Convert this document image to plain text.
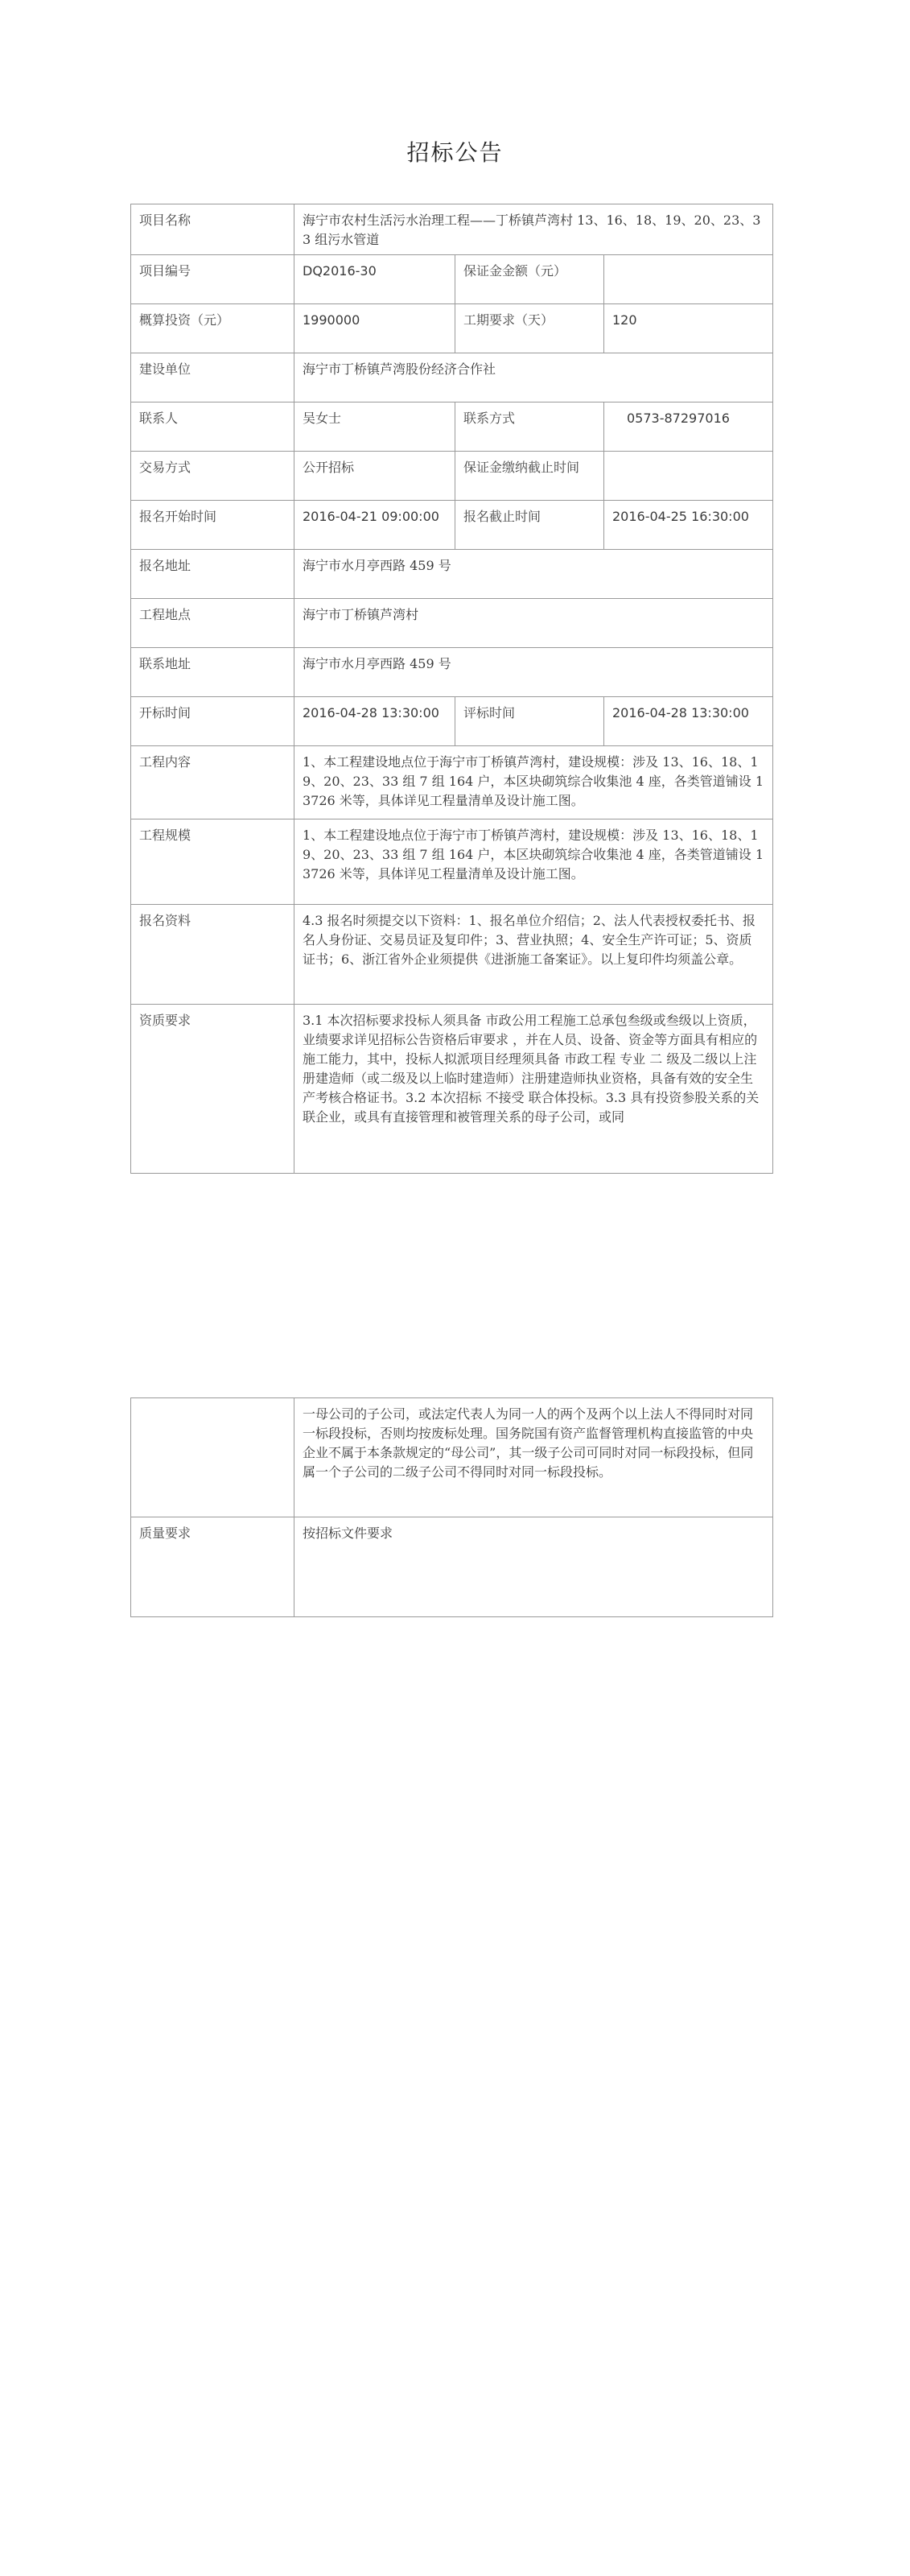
招标公告
项目名称	海宁市农村生活污水治理工程——丁桥镇芦湾村 13、16、18、19、20、23、33 组污水管道		
项目编号	DQ2016-30	保证金金额（元）	
概算投资（元）	1990000	工期要求（天）	120
建设单位	海宁市丁桥镇芦湾股份经济合作社		
联系人	吴女士	联系方式	0573-87297016
交易方式	公开招标	保证金缴纳截止时间	
报名开始时间	2016-04-21 09:00:00	报名截止时间	2016-04-25 16:30:00
报名地址	海宁市水月亭西路 459 号		
工程地点	海宁市丁桥镇芦湾村		
联系地址	海宁市水月亭西路 459 号		
开标时间	2016-04-28 13:30:00	评标时间	2016-04-28 13:30:00
工程内容	1、本工程建设地点位于海宁市丁桥镇芦湾村，建设规模：涉及 13、16、18、19、20、23、33 组 7 组 164 户，本区块砌筑综合收集池 4 座，各类管道铺设 13726 米等，具体详见工程量清单及设计施工图。		
工程规模	1、本工程建设地点位于海宁市丁桥镇芦湾村，建设规模：涉及 13、16、18、19、20、23、33 组 7 组 164 户，本区块砌筑综合收集池 4 座，各类管道铺设 13726 米等，具体详见工程量清单及设计施工图。		
报名资料	4.3 报名时须提交以下资料：1、报名单位介绍信；2、法人代表授权委托书、报名人身份证、交易员证及复印件；3、营业执照；4、安全生产许可证；5、资质证书；6、浙江省外企业须提供《进浙施工备案证》。以上复印件均须盖公章。		
资质要求	3.1 本次招标要求投标人须具备 市政公用工程施工总承包叁级或叁级以上资质，业绩要求详见招标公告资格后审要求 ，并在人员、设备、资金等方面具有相应的施工能力，其中，投标人拟派项目经理须具备 市政工程 专业 二 级及二级以上注册建造师（或二级及以上临时建造师）注册建造师执业资格，具备有效的安全生产考核合格证书。3.2 本次招标 不接受 联合体投标。3.3 具有投资参股关系的关联企业，或具有直接管理和被管理关系的母子公司，或同		
	一母公司的子公司，或法定代表人为同一人的两个及两个以上法人不得同时对同一标段投标，否则均按废标处理。国务院国有资产监督管理机构直接监管的中央企业不属于本条款规定的“母公司”，其一级子公司可同时对同一标段投标，但同属一个子公司的二级子公司不得同时对同一标段投标。
质量要求	按招标文件要求
